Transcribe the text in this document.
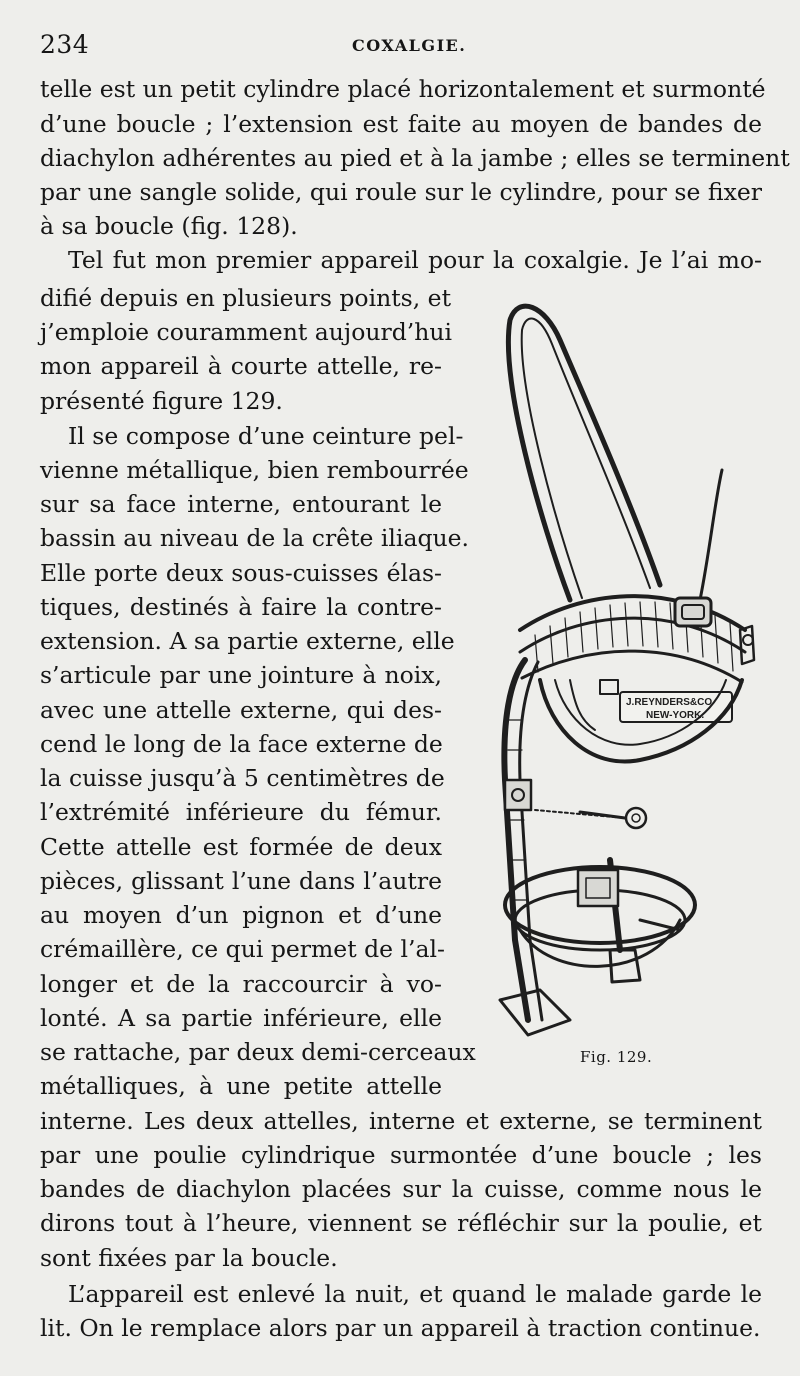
234	COXALGIE.
telle est un petit cylindre placé horizontalement et surmonté
d’une boucle ; l’extension est faite au moyen de bandes de
diachylon adhérentes au pied et à la jambe ; elles se terminent
par une sangle solide, qui roule sur le cylindre, pour se fixer
à sa boucle (fig. 128).
Tel fut mon premier appareil pour la coxalgie. Je l’ai mo-
difié depuis en plusieurs points, et
j’emploie couramment aujourd’hui
mon appareil à courte attelle, re-
présenté figure 129.
Il se compose d’une ceinture pel-
vienne métallique, bien rembourrée
sur sa face interne, entourant le
bassin au niveau de la crête iliaque.
Elle porte deux sous-cuisses élas-
tiques, destinés à faire la contre-
extension. A sa partie externe, elle
s’articule par une jointure à noix,
avec une attelle externe, qui des-
cend le long de la face externe de
la cuisse jusqu’à 5 centimètres de
l’extrémité inférieure du fémur.
Cette attelle est formée de deux
pièces, glissant l’une dans l’autre
au moyen d’un pignon et d’une
crémaillère, ce qui permet de l’al-
longer et de la raccourcir à vo-
lonté. A sa partie inférieure, elle
se rattache, par deux demi-cerceaux
métalliques, à une petite attelle
interne. Les deux attelles, interne et externe, se terminent
par une poulie cylindrique surmontée d’une boucle ; les
bandes de diachylon placées sur la cuisse, comme nous le
dirons tout à l’heure, viennent se réfléchir sur la poulie, et
sont fixées par la boucle.
L’appareil est enlevé la nuit, et quand le malade garde le
lit. On le remplace alors par un appareil à traction continue.
J.REYNDERS&CO
NEW-YORK.
Fig. 129.
